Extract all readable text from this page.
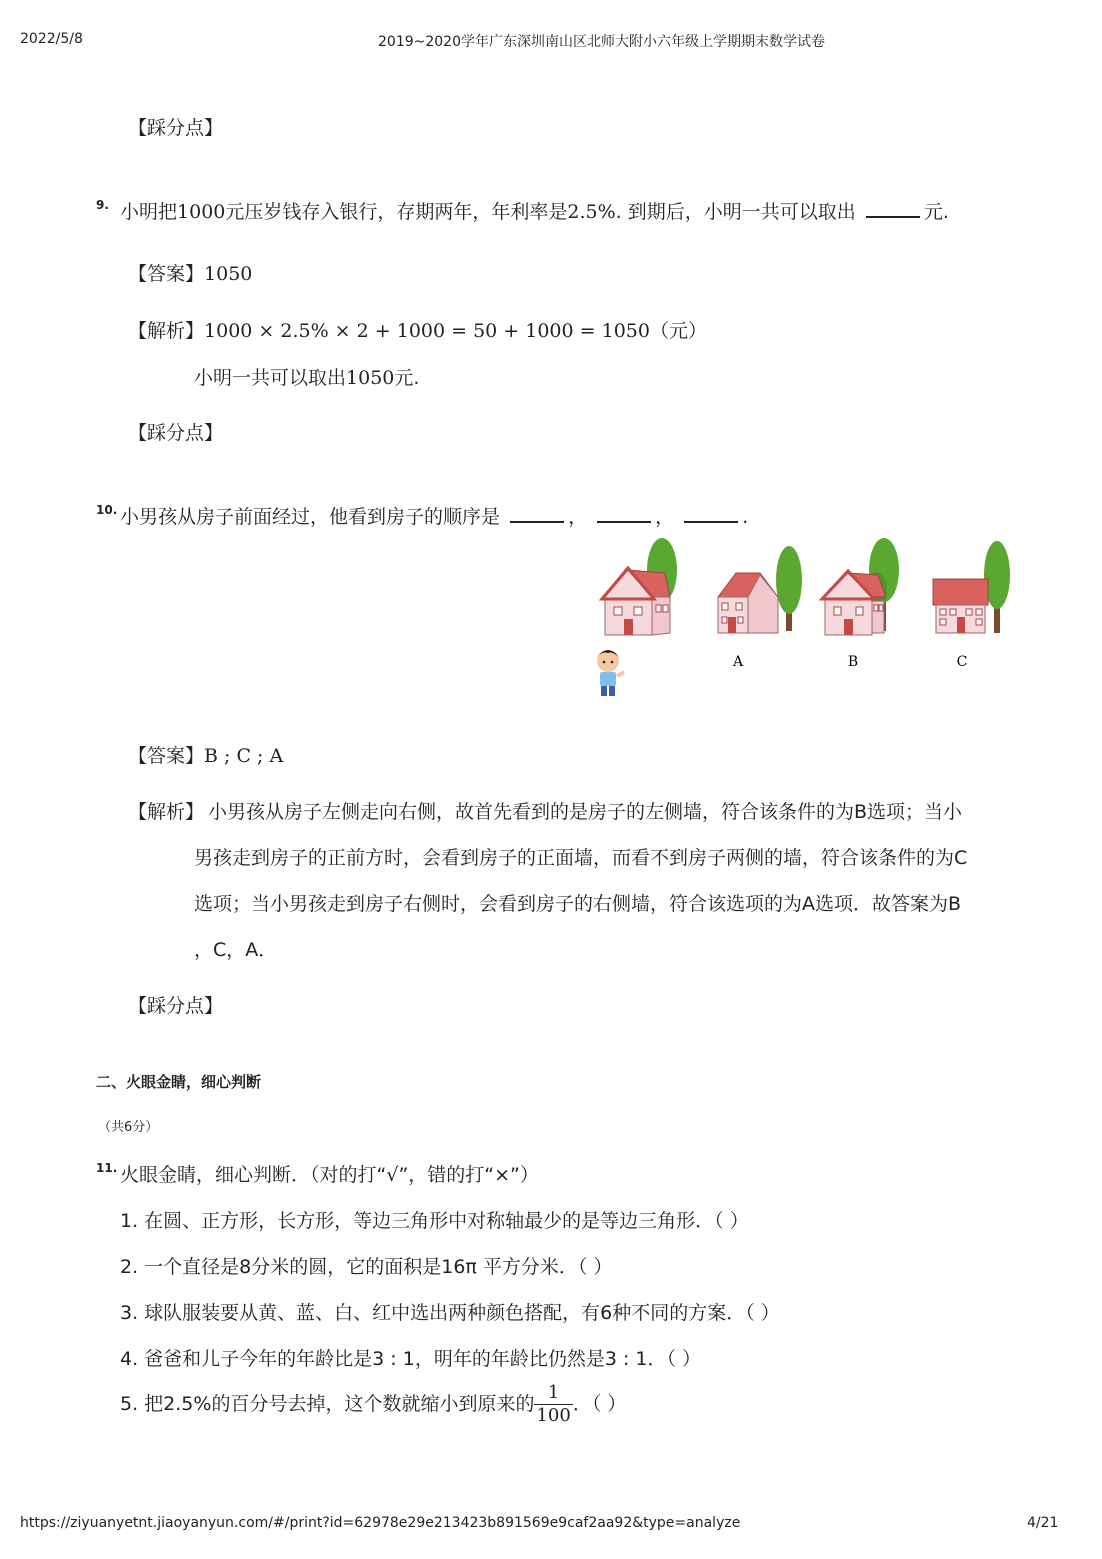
2022/5/8	2019~2020学年广东深圳南山区北师大附小六年级上学期期末数学试卷
【踩分点】
9. 小明把1000元压岁钱存入银行，存期两年，年利率是2.5%. 到期后，小明一共可以取出	元.
【答案】1050
【解析】1000 × 2.5% × 2 + 1000 = 50 + 1000 = 1050（元）
小明一共可以取出1050元.
【踩分点】
10. 小男孩从房子前面经过，他看到房子的顺序是	，	，	.
A	B	C
【答案】B ; C ; A
【解析】 小男孩从房子左侧走向右侧，故首先看到的是房子的左侧墙，符合该条件的为B选项；当小
男孩走到房子的正前方时，会看到房子的正面墙，而看不到房子两侧的墙，符合该条件的为C
选项；当小男孩走到房子右侧时，会看到房子的右侧墙，符合该选项的为A选项．故答案为B
，C，A．
【踩分点】
二、火眼金睛，细心判断
（共6分）
11. 火眼金睛，细心判断．（对的打“√”，错的打“×”）
1. 在圆、正方形，长方形，等边三角形中对称轴最少的是等边三角形．（ ）
2. 一个直径是8分米的圆，它的面积是16π 平方分米．（ ）
3. 球队服装要从黄、蓝、白、红中选出两种颜色搭配，有6种不同的方案．（ ）
4. 爸爸和儿子今年的年龄比是3 : 1，明年的年龄比仍然是3 : 1．（ ）
5. 把2.5%的百分号去掉，这个数就缩小到原来的 $\frac{1}{100}$ ．（ ）
https://ziyuanyetnt.jiaoyanyun.com/#/print?id=62978e29e213423b891569e9caf2aa92&type=analyze	4/21
